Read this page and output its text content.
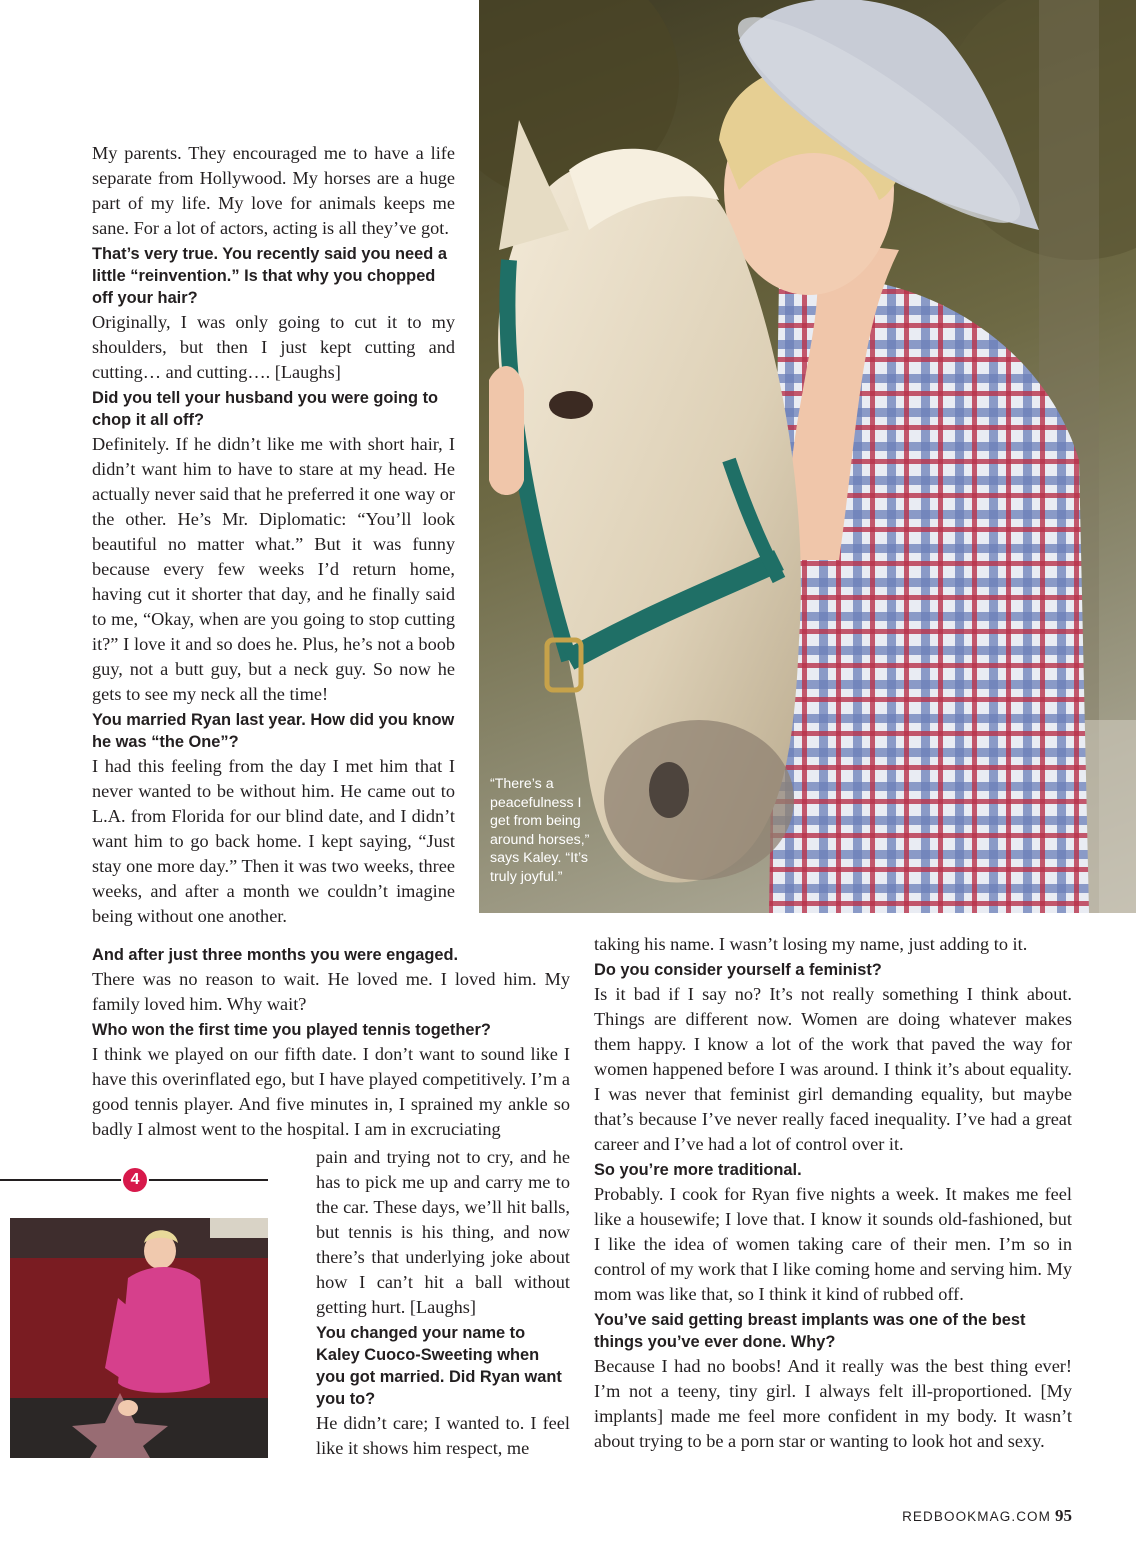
“There’s a peacefulness I get from being around horses,” says Kaley. “It’s truly joyful.”

My parents. They encouraged me to have a life separate from Hollywood. My horses are a huge part of my life. My love for animals keeps me sane. For a lot of actors, acting is all they’ve got.

That’s very true. You recently said you need a little “reinvention.” Is that why you chopped off your hair?

Originally, I was only going to cut it to my shoulders, but then I just kept cutting and cutting… and cutting…. [Laughs]

Did you tell your husband you were going to chop it all off?

Definitely. If he didn’t like me with short hair, I didn’t want him to have to stare at my head. He actually never said that he preferred it one way or the other. He’s Mr. Diplomatic: “You’ll look beautiful no matter what.” But it was funny because every few weeks I’d return home, having cut it shorter that day, and he finally said to me, “Okay, when are you going to stop cutting it?” I love it and so does he. Plus, he’s not a boob guy, not a butt guy, but a neck guy. So now he gets to see my neck all the time!

You married Ryan last year. How did you know he was “the One”?

I had this feeling from the day I met him that I never wanted to be without him. He came out to L.A. from Florida for our blind date, and I didn’t want him to go back home. I kept saying, “Just stay one more day.” Then it was two weeks, three weeks, and after a month we couldn’t imagine being without one another.

And after just three months you were engaged.

There was no reason to wait. He loved me. I loved him. My family loved him. Why wait?

Who won the first time you played tennis together?

I think we played on our fifth date. I don’t want to sound like I have this overinflated ego, but I have played competitively. I’m a good tennis player. And five minutes in, I sprained my ankle so badly I almost went to the hospital. I am in excruciating

4

pain and trying not to cry, and he has to pick me up and carry me to the car. These days, we’ll hit balls, but tennis is his thing, and now there’s that underlying joke about how I can’t hit a ball without getting hurt. [Laughs]

You changed your name to Kaley Cuoco-Sweeting when you got married. Did Ryan want you to?

He didn’t care; I wanted to. I feel like it shows him respect, me

taking his name. I wasn’t losing my name, just adding to it.

Do you consider yourself a feminist?

Is it bad if I say no? It’s not really something I think about. Things are different now. Women are doing whatever makes them happy. I know a lot of the work that paved the way for women happened before I was around. I think it’s about equality. I was never that feminist girl demanding equality, but maybe that’s because I’ve never really faced inequality. I’ve had a great career and I’ve had a lot of control over it.

So you’re more traditional.

Probably. I cook for Ryan five nights a week. It makes me feel like a housewife; I love that. I know it sounds old-fashioned, but I like the idea of women taking care of their men. I’m so in control of my work that I like coming home and serving him. My mom was like that, so I think it kind of rubbed off.

You’ve said getting breast implants was one of the best things you’ve ever done. Why?

Because I had no boobs! And it really was the best thing ever! I’m not a teeny, tiny girl. I always felt ill-proportioned. [My implants] made me feel more confident in my body. It wasn’t about trying to be a porn star or wanting to look hot and sexy.

REDBOOKMAG.COM 95
